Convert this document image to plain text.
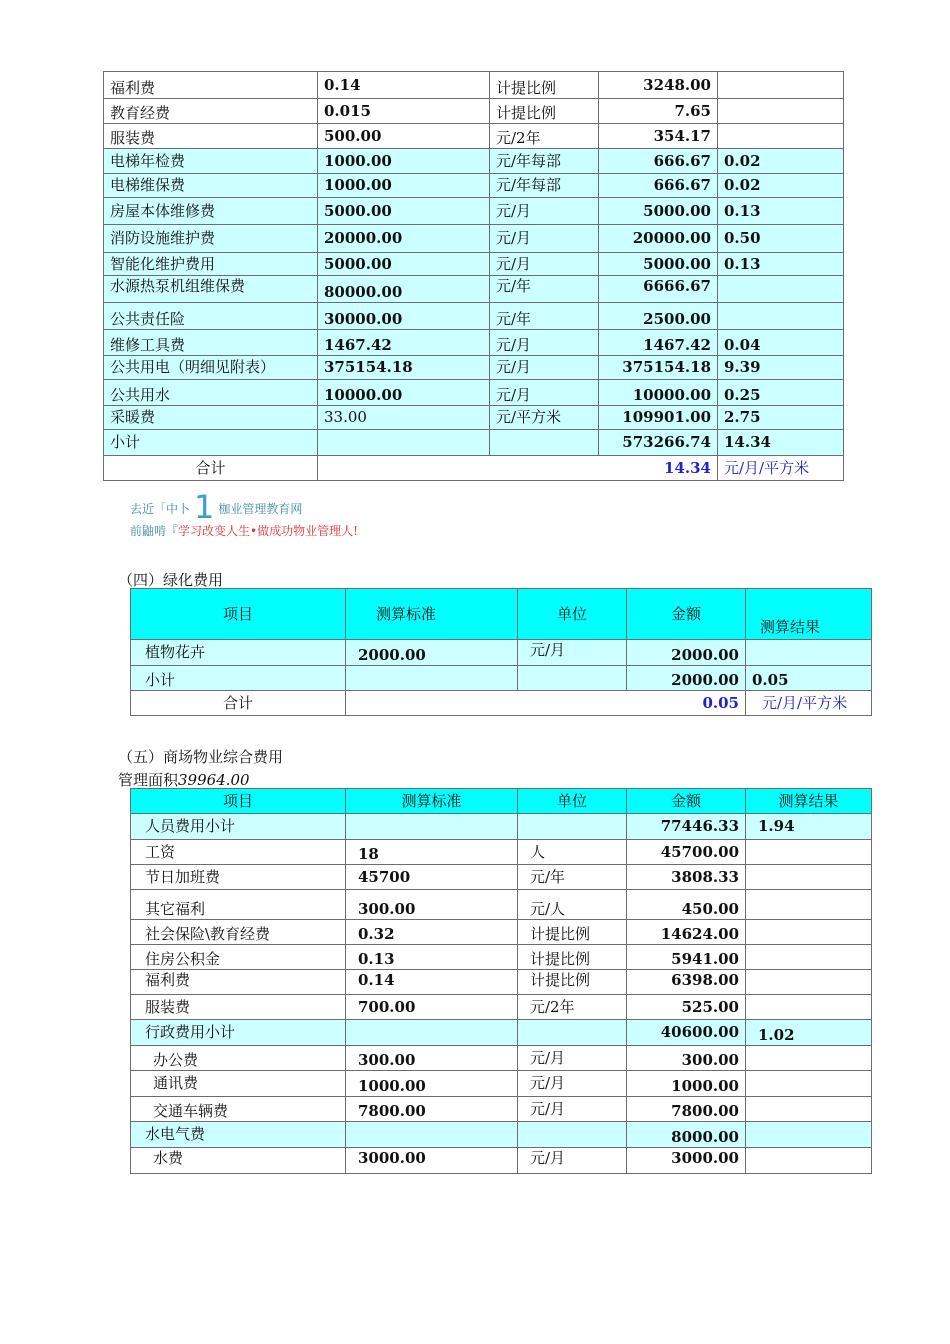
福利费	0.14	计提比例	3248.00	
教育经费	0.015	计提比例	7.65	
服装费	500.00	元/2年	354.17	
电梯年检费	1000.00	元/年每部	666.67	0.02
电梯维保费	1000.00	元/年每部	666.67	0.02
房屋本体维修费	5000.00	元/月	5000.00	0.13
消防设施维护费	20000.00	元/月	20000.00	0.50
智能化维护费用	5000.00	元/月	5000.00	0.13
水源热泵机组维保费	80000.00	元/年	6666.67	
公共责任险	30000.00	元/年	2500.00	
维修工具费	1467.42	元/月	1467.42	0.04
公共用电（明细见附表）	375154.18	元/月	375154.18	9.39
公共用水	10000.00	元/月	10000.00	0.25
采暖费	33.00	元/平方米	109901.00	2.75
小计			573266.74	14.34
合计	14.34			元/月/平方米
去近「中卜 1 枷业管理教育网
前鼬啃『学习改变人生•做成功物业管理人!
（四）绿化费用
项目	测算标准	单位	金额	测算结果
植物花卉	2000.00	元/月	2000.00	
小计			2000.00	0.05
合计	0.05			元/月/平方米
（五）商场物业综合费用
管理面积39964.00
项目	测算标准	单位	金额	测算结果
人员费用小计			77446.33	1.94
工资	18	人	45700.00	
节日加班费	45700	元/年	3808.33	
其它福利	300.00	元/人	450.00	
社会保险\教育经费	0.32	计提比例	14624.00	
住房公积金	0.13	计提比例	5941.00	
福利费	0.14	计提比例	6398.00	
服装费	700.00	元/2年	525.00	
行政费用小计			40600.00	1.02
办公费	300.00	元/月	300.00	
通讯费	1000.00	元/月	1000.00	
交通车辆费	7800.00	元/月	7800.00	
水电气费			8000.00	
水费	3000.00	元/月	3000.00	
